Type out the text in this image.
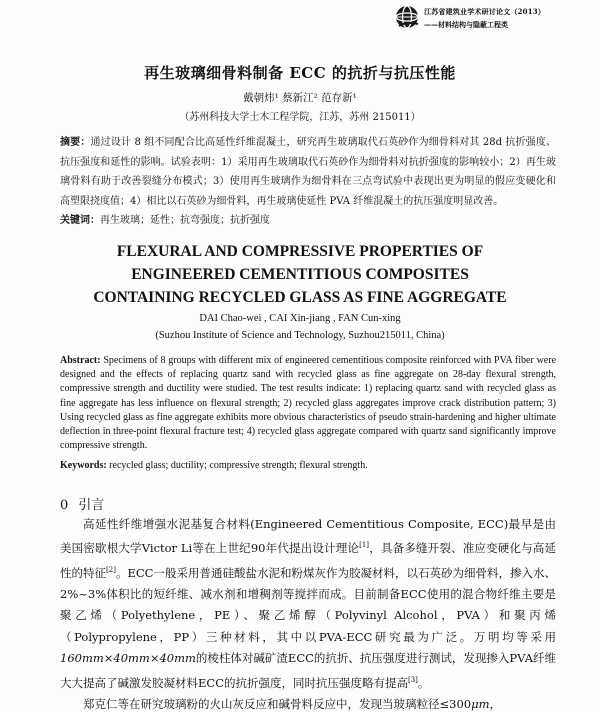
江苏省建筑业学术研讨论文（2013）
——材料结构与隐蔽工程类
再生玻璃细骨料制备 ECC 的抗折与抗压性能
戴朝炜¹ 蔡新江² 范存新¹
（苏州科技大学土木工程学院，江苏，苏州 215011）
摘要：通过设计 8 组不同配合比高延性纤维混凝土，研究再生玻璃取代石英砂作为细骨料对其 28d 抗折强度、抗压强度和延性的影响。试验表明：1）采用再生玻璃取代石英砂作为细骨料对抗折强度的影响较小；2）再生玻璃骨料有助于改善裂缝分布模式；3）使用再生玻璃作为细骨料在三点弯试验中表现出更为明显的假应变硬化和高塑限挠度值；4）相比以石英砂为细骨料，再生玻璃使延性 PVA 纤维混凝土的抗压强度明显改善。
关键词：再生玻璃；延性；抗弯强度；抗折强度
FLEXURAL AND COMPRESSIVE PROPERTIES OF
ENGINEERED CEMENTITIOUS COMPOSITES
CONTAINING RECYCLED GLASS AS FINE AGGREGATE
DAI Chao-wei , CAI Xin-jiang , FAN Cun-xing
(Suzhou Institute of Science and Technology, Suzhou215011, China)
Abstract: Specimens of 8 groups with different mix of engineered cementitious composite reinforced with PVA fiber were designed and the effects of replacing quartz sand with recycled glass as fine aggregate on 28-day flexural strength, compressive strength and ductility were studied. The test results indicate: 1) replacing quartz sand with recycled glass as fine aggregate has less influence on flexural strength; 2) recycled glass aggregates improve crack distribution pattern; 3) Using recycled glass as fine aggregate exhibits more obvious characteristics of pseudo strain-hardening and higher ultimate deflection in three-point flexural fracture test; 4) recycled glass aggregate compared with quartz sand significantly improve compressive strength.
Keywords: recycled glass; ductility; compressive strength; flexural strength.
0 引言

高延性纤维增强水泥基复合材料(Engineered Cementitious Composite, ECC)最早是由美国密歇根大学Victor Li等在上世纪90年代提出设计理论[1]，具备多缝开裂、准应变硬化与高延性的特征[2]。ECC一般采用普通硅酸盐水泥和粉煤灰作为胶凝材料，以石英砂为细骨料，掺入水、2%~3%体积比的短纤维、减水剂和增稠剂等搅拌而成。目前制备ECC使用的混合物纤维主要是聚乙烯（Polyethylene，PE）、聚乙烯醇（Polyvinyl Alcohol，PVA）和聚丙烯（Polypropylene，PP）三种材料，其中以PVA-ECC研究最为广泛。万明均等采用160mm×40mm×40mm的棱柱体对碱矿渣ECC的抗折、抗压强度进行测试，发现掺入PVA纤维大大提高了碱激发胶凝材料ECC的抗折强度，同时抗压强度略有提高[3]。

郑克仁等在研究玻璃粉的火山灰反应和碱骨料反应中，发现当玻璃粒径≤300μm，
